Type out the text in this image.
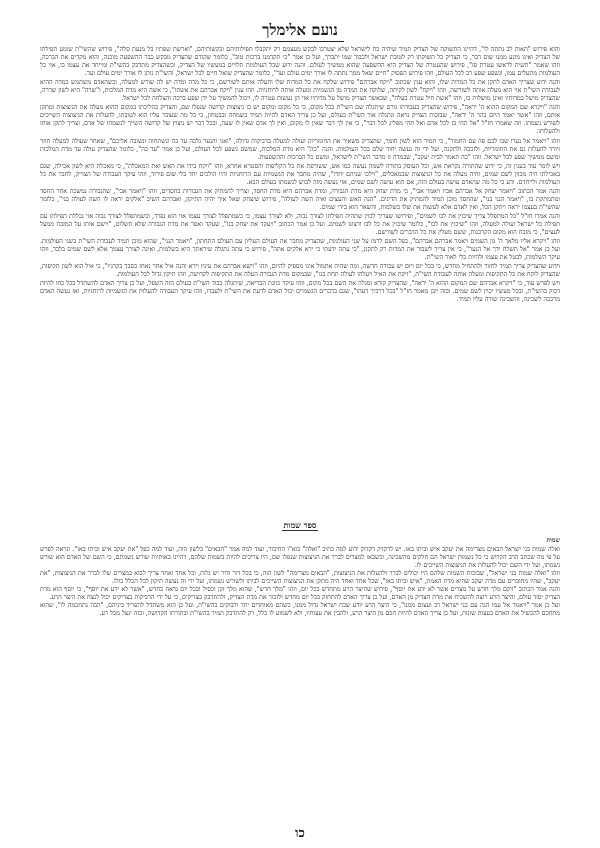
נועם אלימלך

והוא פירוש "תאות לב נתתה לו", דהיינו התשוקה של הצדיק תמיד שיהיה כח לישראל שלא יצטרכו לבקש מעצמם רק יתקבלו תפילותיהם ובקשותיהם, "וארשת שפתיו בל מנעת סלה", פירוש שהשי"ת שומע תפילתו של הצדיק ואינו מונע ממנו שום דבר, כי הצדיק כל תשוקתו רק לטובת ישראל ולכבוד שמו יתברך, ועל כן אמר "כי תקדמנו ברכות טוב", כלומר שקודם שהצדיק מבקש כבר ההשפעה מוכנה, והוא מקדים את הברכה, וזהו שאמר "תשית לראשו עטרת פז", פירוש שהעטרה של הצדיק היא ההשפעה שהוא ממשיך לעולם. והנה ידוע שכל העולמות תלויים במעשיו של הצדיק, וכשהצדיק מתדבק בהשי"ת ומייחד את עצמו בו, אזי כל העולמות מתעלים עמו, ונשפע שפע רב לכל העולם, וזהו פירוש הפסוק "חיים שאל ממך נתתה לו אורך ימים עולם ועד", כלומר שהצדיק שואל חיים לכל ישראל, והשי"ת נותן לו אורך ימים עולם ועד.

והנה ידוע שצריך האדם לתקן את כל המדות שלו, והוא ענין שכתוב "ויקח אברהם" פירוש שלקח את כל המדות שלו והעלה אותם לשורשם, כי כל מדה ומדה יש לה שורש למעלה, וכשהאדם משתמש במדה ההיא לעבודת השי"ת אזי הוא מעלה אותה לשורשה, וזהו "ויקח" לשון לקיחה, שלוקח את המדה מן הגשמיות ומעלה אותה לרוחניות. וזהו ענין "ויקח אברהם את אשתו", כי אשה היא מדת המלכות, ו"שרה" היא לשון שררה, שהצדיק מושל במדותיו ואינן מושלות בו, וזהו "אשת חיל עטרת בעלה", שכאשר הצדיק מושל על מדותיו אזי הן נעשות עטרה לו, ויכול להמשיך על ידן שפע ברכה והצלחה לכל ישראל.

והנה "ויקרא שם המקום ההוא ה' יראה", פירוש שהצדיק בעבודתו גורם שיתגלה שם השי"ת בכל מקום, כי כל מקום ומקום יש בו ניצוצות קדושה שנפלו שם, והצדיק בהליכתו במקום ההוא מעלה את הניצוצות ומתקן אותם, וזהו "אשר יאמר היום בהר ה' יראה", שבזכות הצדיק נראה ונתגלה אור השי"ת בעולם, ועל כן צריך האדם להיות תמיד בשמחה ובבטחון, כי כל מה שעובר עליו הוא לטובתו, להעלות את הניצוצות השייכים לשורש נשמתו. וזה שאמרו חז"ל "אל תהי בז לכל אדם ואל תהי מפליג לכל דבר", כי אין לך דבר שאין לו מקום, ואין לך אדם שאין לו שעה, ובכל דבר יש ניצוץ של קדושה השייך לנשמתו של אדם, וצריך לתקן אותו ולהעלותו.

וזהו "ויאמר אל נערו שבו לכם פה עם החמור", כי חמור הוא לשון חומר, שהצדיק משאיר את החומריות ועולה למעלה בדביקות גדולה, "ואני והנער נלכה עד כה ונשתחוה ונשובה אליכם", שאחר שעולה למעלה חוזר ויורד להעלות גם את החומריות, ולזככה ולתקנה, ועל ידי זה נעשה יחוד שלם בכל העולמות. והנה "כה" היא מדת המלכות, שמשם נשפע לכל העולם, ועל כן אמר "עד כה", כלומר שהצדיק עולה עד מדת המלכות ומשם ממשיך שפע לכל ישראל. וזהו "כה תאמר לבית יעקב", שבמדה זו מדבר השי"ת לישראל, ומשם כל הברכות וההשפעות.

ויש לומר עוד בענין זה, כי ידוע שהתורה נקראת אש, וכל העוסק בתורה לשמה נעשה כמו אש, ששורפת את כל הקליפות והסטרא אחרא, וזהו "ויקח בידו את האש ואת המאכלת", כי מאכלת היא לשון אכילה, שגם באכילתו היה מכוון לשם שמים, והיה מעלה את כל הניצוצות שבמאכלים, "וילכו שניהם יחדו", שהיה מחבר את הגשמיות עם הרוחניות והיו הולכים יחד בלי שום פירוד, וזהו עיקר העבודה של הצדיק, לחבר את כל העולמות ולייחדם. ודע כי כל מה שהאדם עושה בעולם הזה, אם הוא עושה לשם שמים, אזי נעשה מזה לבוש לנשמתו בעולם הבא.

והנה אמר הכתוב "ויאמר יצחק אל אברהם אביו ויאמר אבי", כי מדת יצחק היא מדת הגבורה, ומדת אברהם היא מדת החסד, וצריך להמתיק את הגבורות בחסדים, וזהו "ויאמר אבי", שהגבורה נמשכת אחר החסד ומתמתקת בו, "ויאמר הנני בני", שהחסד מוכן תמיד להמתיק את הדינים. "הנה האש והעצים ואיה השה לעולה", פירוש שיצחק שאל איך יהיה התיקון, ואברהם השיב "אלקים יראה לו השה לעולה בני", כלומר שהשי"ת בעצמו יראה ויתקן הכל, ואין לאדם אלא לעשות את שלו בשלמות, והשאר הוא בידי שמים.

והנה אמרו חז"ל "כל המתפלל צריך שיכוין את לבו לשמים", ופירושו שצריך לכוין שתהיה תפילתו לצורך גבוה, ולא לצורך עצמו, כי כשמתפלל לצורך עצמו אזי הוא נפרד, וכשמתפלל לצורך גבוה אזי נכללת תפילתו עם תפילת כל ישראל ועולה למעלה, וזהו "שיכוין את לבו", כלומר שיכוין את כל לבו ורצונו לשמים. ועל כן אמר הכתוב "ויעקד את יצחק בנו", שעקד ואסר את מדת הגבורה שלא תשלוט, "וישם אותו על המזבח ממעל לעצים", כי מזבח הוא מקום הקרבנות, ששם מעלין את כל הדברים לשורשם.

וזהו "ויקרא אליו מלאך ה' מן השמים ויאמר אברהם אברהם", כפל השם לרמז על שני העולמות, שהצדיק מחבר את העולם העליון עם העולם התחתון, "ויאמר הנני", שהוא מוכן תמיד לעבודת השי"ת בשני העולמות. ועל כן אמר "אל תשלח ידך אל הנער", כי אין צריך לשבור את המדות רק לתקנן, "כי עתה ידעתי כי ירא אלקים אתה", פירוש כי עתה נתגלה שיראתך היא בשלמות, ואינה לצורך עצמך אלא לשם שמים בלבד, וזהו עיקר השלמות, לבטל את עצמו ולהיות כלי לאור השי"ת.

וידוע שהצדיק צריך תמיד לחזור ולהתחיל מחדש, כי בכל יום ויום יש עבודה חדשה, ומה שהיה אתמול אינו מספיק להיום, וזהו "וישא אברהם את עיניו וירא והנה איל אחר נאחז בסבך בקרניו", כי איל הוא לשון תקיפות, שהצדיק לוקח את כל התקיפות ומעלה אותה לעבודת השי"ת, "ויקח את האיל ויעלהו לעולה תחת בנו", שבמקום מדת הגבורה העלה את התקיפות לקדושה, וזהו תיקון גדול לכל העולמות.

ויש לפרש עוד, כי "ויקרא אברהם שם המקום ההוא ה' יראה", שהצדיק קורא ומגלה את השם בכל מקום, וזהו עיקר כוונת הבריאה, שיתגלה כבוד השי"ת בעולם הזה השפל, ועל כן צריך האדם להשתדל בכל כחו להיות דבוק בהשי"ת, ובכל מעשיו יכוין לשם שמים. ובזה יובן מאמר חז"ל "בכל דרכיך דעהו", שגם בדברים הגשמיים יכול האדם לדעת את השי"ת ולעבדו, וזהו עיקר העבודה להעלות את הגשמיות לרוחניות, ואז נעשה האדם מרכבה לשכינה, והשכינה שורה עליו תמיד.

ספר שמות

שמות

ואלה שמות בני ישראל הבאים מצרימה את יעקב איש וביתו באו. יש לדקדק דקדוק ידוע למה כתיב "ואלה" בוא"ו החיבור, ועוד למה אמר "הבאים" בלשון הוה, ועוד למה כפל "את יעקב איש וביתו באו". ונראה לפרש על פי מה שכתב הרב הקדוש כי כל נשמות ישראל הם חלקים מהשכינה, וכשבאו למצרים לברר את הניצוצות שנפלו שם, היו צריכים להיות בשמות שלהם, דהיינו באותיות שורש נשמתם, כי השם של האדם הוא שורש נשמתו, ועל ידי השם יכול להעלות את הניצוצות השייכים לו.

וזהו "ואלה שמות בני ישראל", שבזכות השמות שלהם היו יכולים לברר ולהעלות את הניצוצות, "הבאים מצרימה" לשון הוה, כי בכל דור ודור יש גלות, וכל אחד ואחד צריך לבוא במצרים שלו לברר את הניצוצות, "את יעקב", שהיו מחוברים עם מדת יעקב שהיא מדת האמת, "איש וביתו באו", שכל אחד ואחד היה מתקן את הניצוצות השייכים לביתו ולשורש נשמתו, ועל ידי זה נעשה תיקון לכל הכלל כולו.

והנה אמר הכתוב "ויקם מלך חדש על מצרים אשר לא ידע את יוסף", פירוש שהיצר הרע מתחדש בכל יום, וזהו "מלך חדש", שהוא מלך זקן וכסיל ובכל יום נראה כחדש, "אשר לא ידע את יוסף", כי יוסף הוא מדת הצדיק יסוד עולם, והיצר הרע רוצה להשכיח את מדת הצדיק מן האדם, ועל כן צריך האדם להתחזק בכל יום מחדש ולזכור את מדת הצדיק, ולהתדבק בצדיקים, כי על ידי הדביקות בצדיקים יכול לנצח את היצר הרע.

ועל כן אמר "ויאמר אל עמו הנה עם בני ישראל רב ועצום ממנו", כי היצר הרע יודע שכח ישראל גדול ממנו, כשהם מאוחדים יחד ודבוקים בהשי"ת, ועל כן הוא משתדל להפריד ביניהם, "הבה נתחכמה לו", שהוא מתחכם להכשיל את האדם בעצות שונות, ועל כן צריך האדם להיות חכם מן היצר הרע, ולהבין את עצותיו, ולא לשמוע לו כלל, רק להתדבק תמיד בהשי"ת ובתורתו הקדושה, ובזה ינצל מכל רע.

כו
